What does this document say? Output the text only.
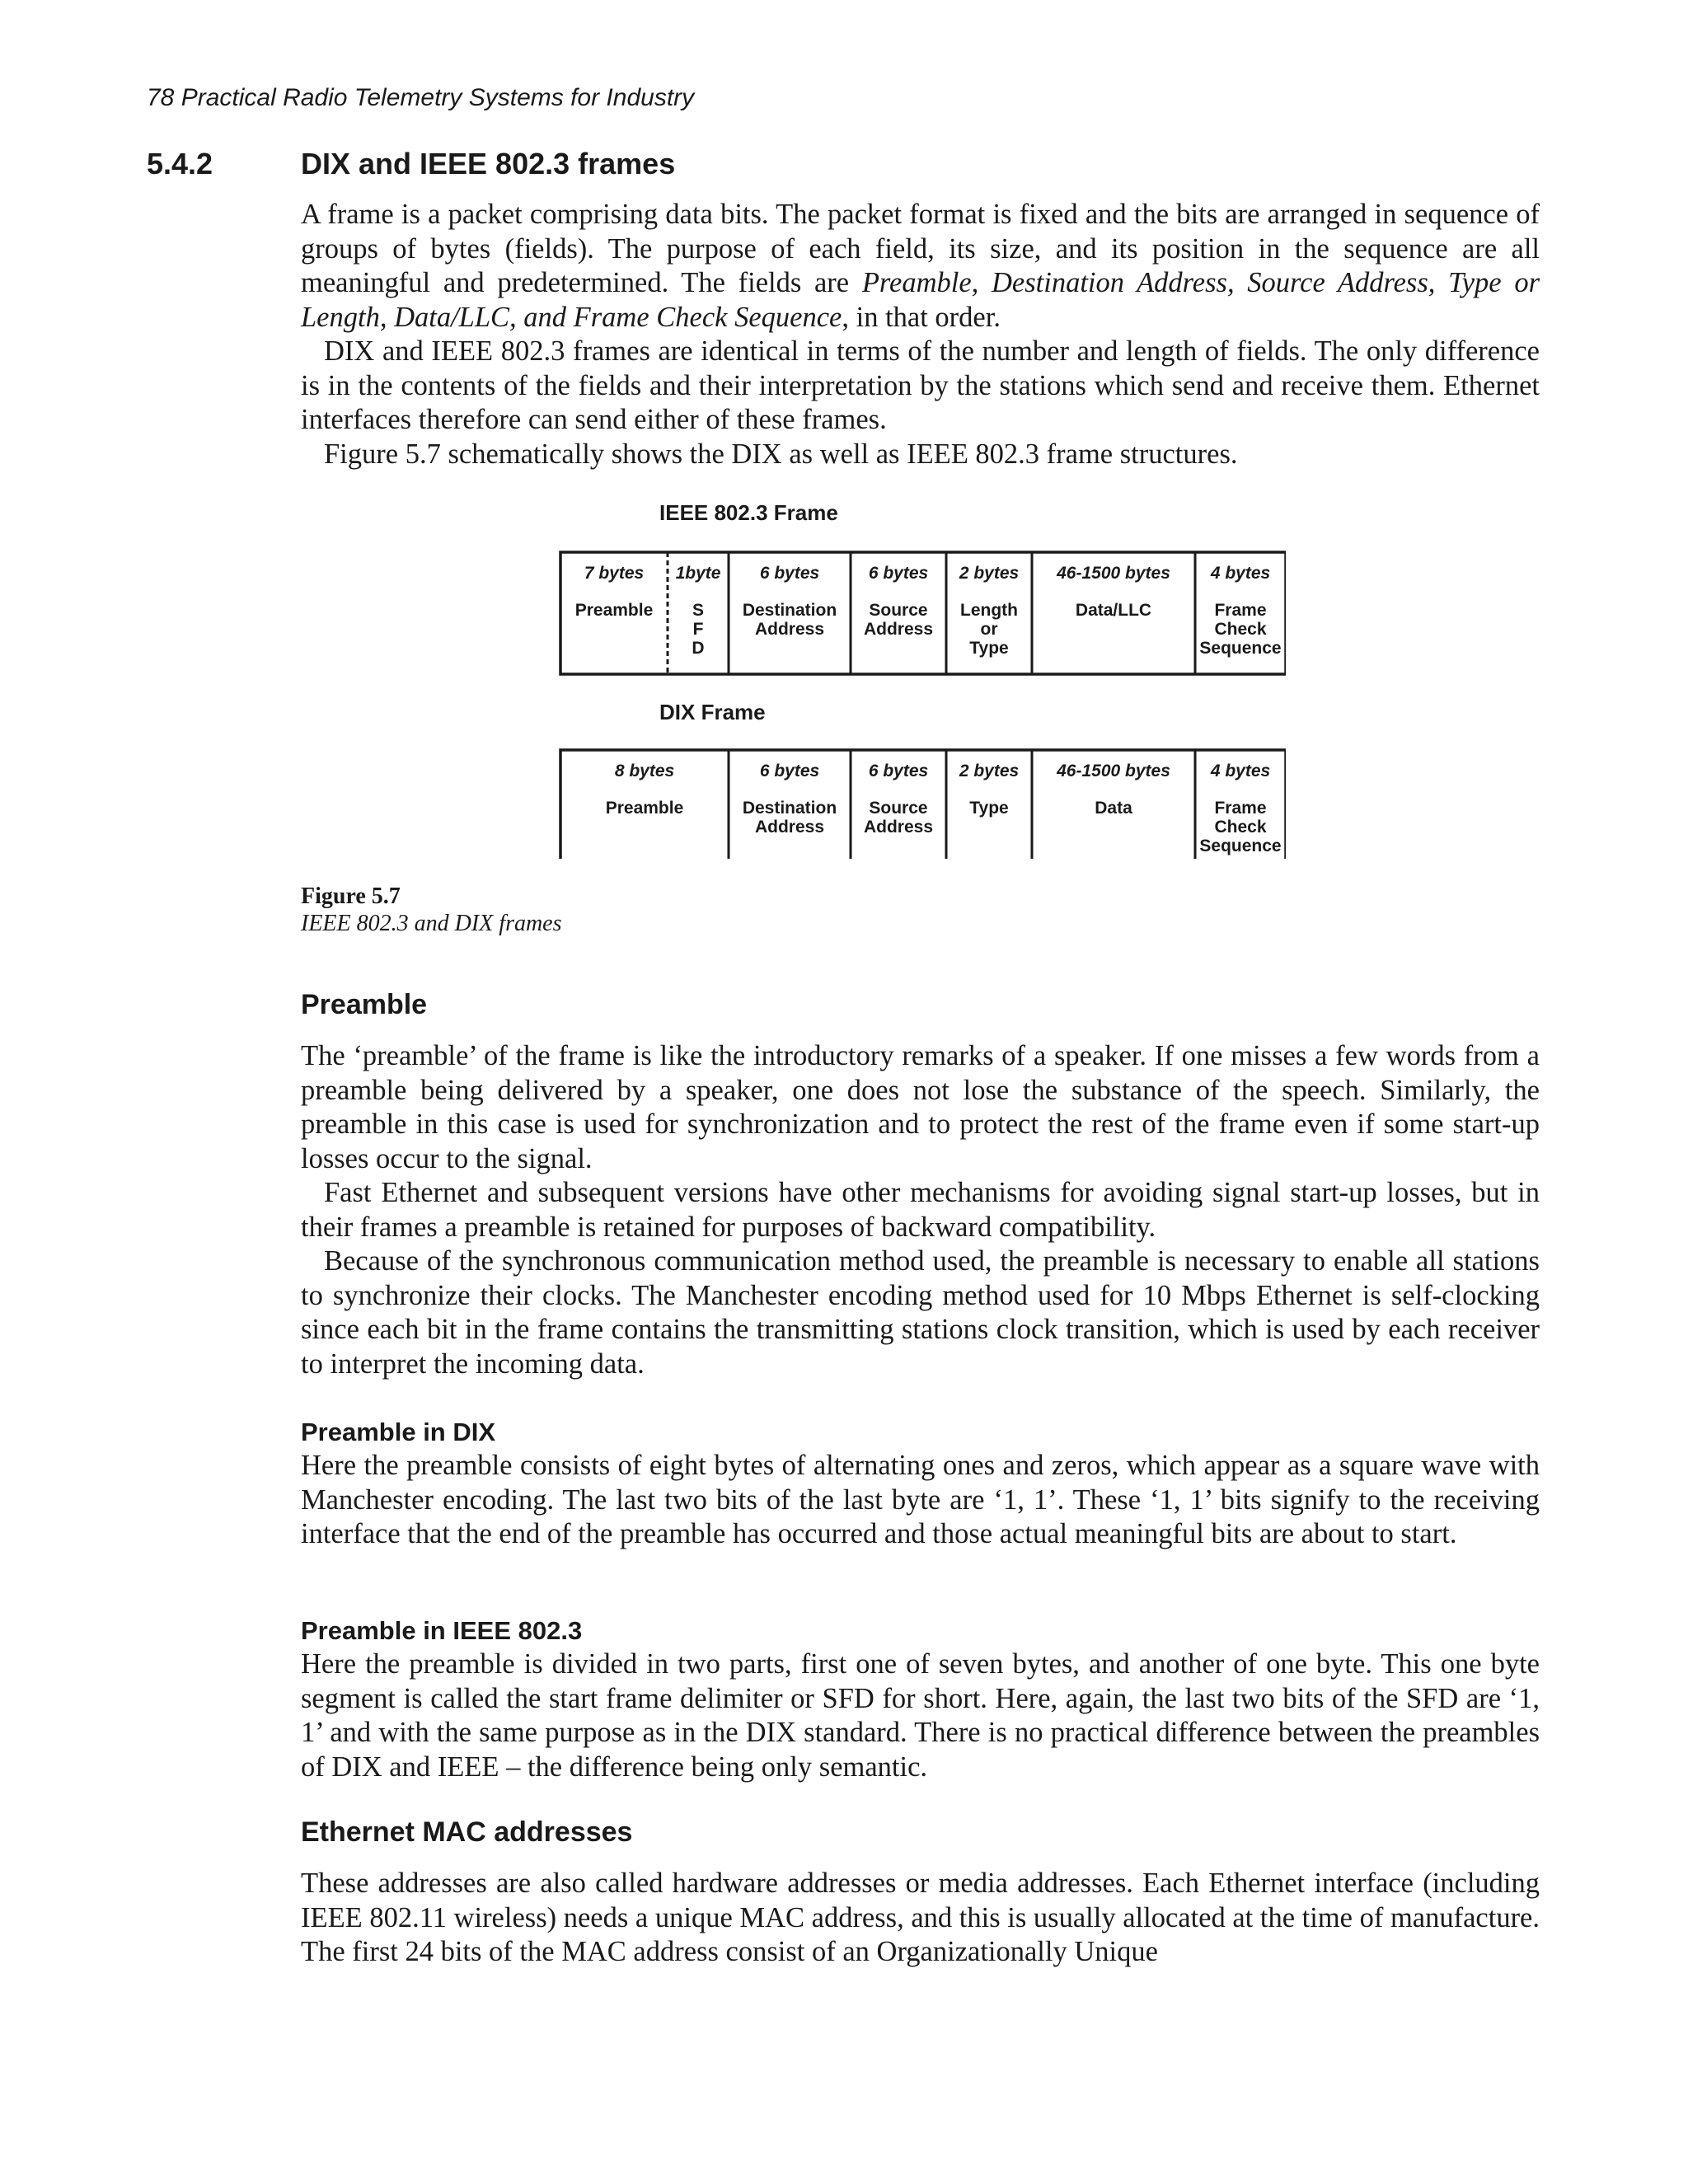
78 Practical Radio Telemetry Systems for Industry
5.4.2	DIX and IEEE 802.3 frames

A frame is a packet comprising data bits. The packet format is fixed and the bits are arranged in sequence of groups of bytes (fields). The purpose of each field, its size, and its position in the sequence are all meaningful and predetermined. The fields are Preamble, Destination Address, Source Address, Type or Length, Data/LLC, and Frame Check Sequence, in that order.

DIX and IEEE 802.3 frames are identical in terms of the number and length of fields. The only difference is in the contents of the fields and their interpretation by the stations which send and receive them. Ethernet interfaces therefore can send either of these frames.

Figure 5.7 schematically shows the DIX as well as IEEE 802.3 frame structures.

IEEE 802.3 Frame
7 bytes
Preamble
1byte
S
F
D
6 bytes
Destination
Address
6 bytes
Source
Address
2 bytes
Length
or
Type
46-1500 bytes
Data/LLC
4 bytes
Frame
Check
Sequence
DIX Frame
8 bytes
Preamble
6 bytes
Destination
Address
6 bytes
Source
Address
2 bytes
Type
46-1500 bytes
Data
4 bytes
Frame
Check
Sequence
Figure 5.7
IEEE 802.3 and DIX frames
Preamble

The ‘preamble’ of the frame is like the introductory remarks of a speaker. If one misses a few words from a preamble being delivered by a speaker, one does not lose the substance of the speech. Similarly, the preamble in this case is used for synchronization and to protect the rest of the frame even if some start-up losses occur to the signal.

Fast Ethernet and subsequent versions have other mechanisms for avoiding signal start-up losses, but in their frames a preamble is retained for purposes of backward compatibility.

Because of the synchronous communication method used, the preamble is necessary to enable all stations to synchronize their clocks. The Manchester encoding method used for 10 Mbps Ethernet is self-clocking since each bit in the frame contains the transmitting stations clock transition, which is used by each receiver to interpret the incoming data.

Preamble in DIX

Here the preamble consists of eight bytes of alternating ones and zeros, which appear as a square wave with Manchester encoding. The last two bits of the last byte are ‘1, 1’. These ‘1, 1’ bits signify to the receiving interface that the end of the preamble has occurred and those actual meaningful bits are about to start.

Preamble in IEEE 802.3

Here the preamble is divided in two parts, first one of seven bytes, and another of one byte. This one byte segment is called the start frame delimiter or SFD for short. Here, again, the last two bits of the SFD are ‘1, 1’ and with the same purpose as in the DIX standard. There is no practical difference between the preambles of DIX and IEEE – the difference being only semantic.

Ethernet MAC addresses

These addresses are also called hardware addresses or media addresses. Each Ethernet interface (including IEEE 802.11 wireless) needs a unique MAC address, and this is usually allocated at the time of manufacture. The first 24 bits of the MAC address consist of an Organizationally Unique
